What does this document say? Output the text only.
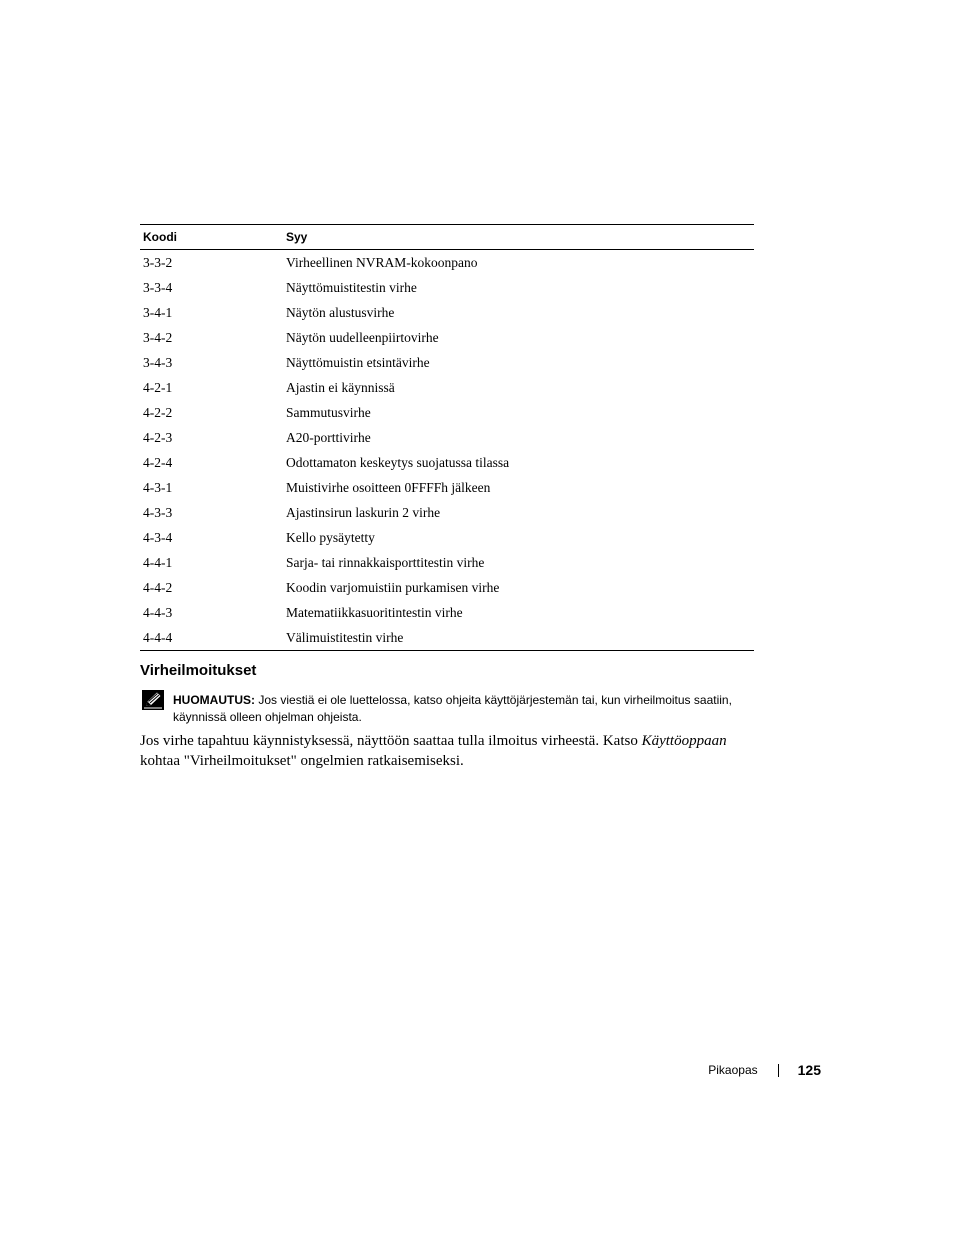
Koodi	Syy
3-3-2	Virheellinen NVRAM-kokoonpano
3-3-4	Näyttömuistitestin virhe
3-4-1	Näytön alustusvirhe
3-4-2	Näytön uudelleenpiirtovirhe
3-4-3	Näyttömuistin etsintävirhe
4-2-1	Ajastin ei käynnissä
4-2-2	Sammutusvirhe
4-2-3	A20-porttivirhe
4-2-4	Odottamaton keskeytys suojatussa tilassa
4-3-1	Muistivirhe osoitteen 0FFFFh jälkeen
4-3-3	Ajastinsirun laskurin 2 virhe
4-3-4	Kello pysäytetty
4-4-1	Sarja- tai rinnakkaisporttitestin virhe
4-4-2	Koodin varjomuistiin purkamisen virhe
4-4-3	Matematiikkasuoritintestin virhe
4-4-4	Välimuistitestin virhe
Virheilmoitukset
HUOMAUTUS: Jos viestiä ei ole luettelossa, katso ohjeita käyttöjärjestemän tai, kun virheilmoitus saatiin, käynnissä olleen ohjelman ohjeista.

Jos virhe tapahtuu käynnistyksessä, näyttöön saattaa tulla ilmoitus virheestä. Katso Käyttöoppaan kohtaa "Virheilmoitukset" ongelmien ratkaisemiseksi.

Pikaopas	125
